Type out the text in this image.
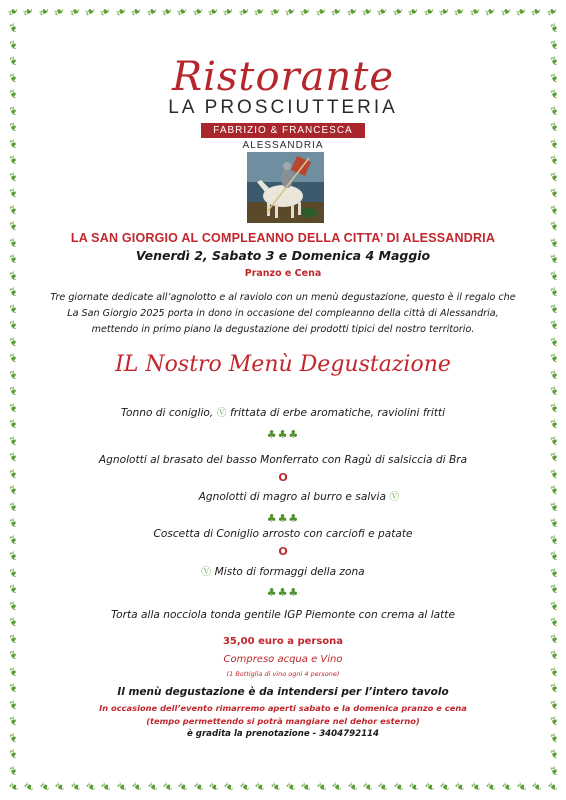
❧
❧
❧
❧
❧
❧
❧
❧
❧
❧
❧
❧
❧
❧
❧
❧
❧
❧
❧
❧
❧
❧
❧
❧
❧
❧
❧
❧
❧
❧
❧
❧
❧
❧
❧
❧
❧
❧
❧
❧
❧
❧
❧
❧
❧
❧
❧
❧
❧
❧
❧
❧
❧
❧
❧
❧
❧
❧
❧
❧
❧
❧
❧
❧
❧
❧
❧
❧
❧
❧
❧
❧
❧
❧
❧
❧
❧
❧
❧
❧
❧
❧
❧
❧
❧
❧
❧
❧
❧
❧
❧
❧
❧
❧
❧
❧
❧
❧
❧
❧
❧
❧
❧
❧
❧
❧
❧
❧
❧
❧
❧
❧
❧
❧
❧
❧
❧
❧
❧
❧
❧
❧
❧
❧
❧
❧
❧
❧
❧
❧
❧
❧
❧
❧
❧
❧
❧
❧
❧
❧
❧
❧
❧
❧
❧
❧
❧
❧
❧
❧
❧
❧
❧
❧
❧
❧
❧
❧
❧
❧
❧
❧
❧
❧
Ristorante
LA PROSCIUTTERIA
FABRIZIO & FRANCESCA
ALESSANDRIA
LA SAN GIORGIO AL COMPLEANNO DELLA CITTA’ DI ALESSANDRIA
Venerdì 2, Sabato 3 e Domenica 4 Maggio
Pranzo e Cena
Tre giornate dedicate all’agnolotto e al raviolo con un menù degustazione, questo è il regalo che
La San Giorgio 2025 porta in dono in occasione del compleanno della città di Alessandria,
mettendo in primo piano la degustazione dei prodotti tipici del nostro territorio.
IL Nostro Menù Degustazione
Tonno di coniglio, Ⓥ frittata di erbe aromatiche, raviolini fritti
♣♣♣
Agnolotti al brasato del basso Monferrato con Ragù di salsiccia di Bra
O
Agnolotti di magro al burro e salvia Ⓥ
♣♣♣
Coscetta di Coniglio arrosto con carciofi e patate
O
Ⓥ Misto di formaggi della zona
♣♣♣
Torta alla nocciola tonda gentile IGP Piemonte con crema al latte
35,00 euro a persona
Compreso acqua e Vino
(1 Bottiglia di vino ogni 4 persone)
Il menù degustazione è da intendersi per l’intero tavolo
In occasione dell’evento rimarremo aperti sabato e la domenica pranzo e cena
(tempo permettendo si potrà mangiare nel dehor esterno)
è gradita la prenotazione - 3404792114
